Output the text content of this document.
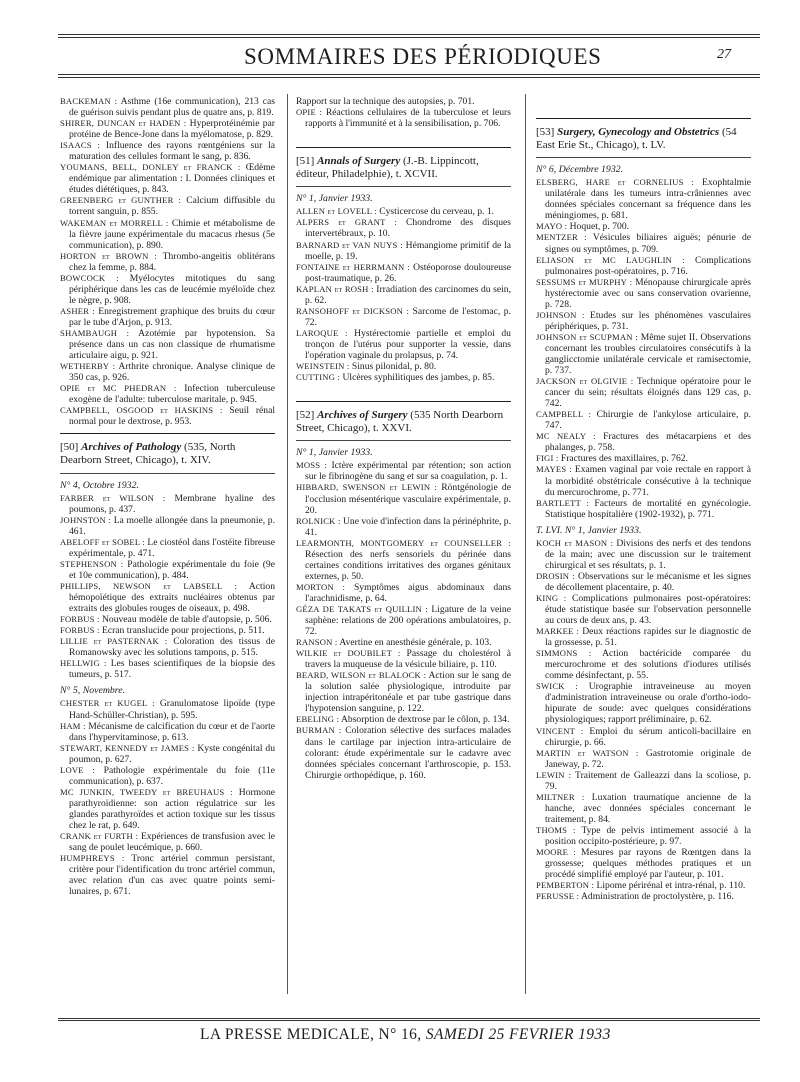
SOMMAIRES DES PÉRIODIQUES	27

BACKEMAN : Asthme (16e communication), 213 cas de guérison suivis pendant plus de quatre ans, p. 819.

SHIRER, DUNCAN et HADEN : Hyperprotéinémie par protéine de Bence-Jone dans la myélomatose, p. 829.

ISAACS : Influence des rayons rœntgéniens sur la maturation des cellules formant le sang, p. 836.

YOUMANS, BELL, DONLEY et FRANCK : Œdème endémique par alimentation : I. Données cliniques et études diététiques, p. 843.

GREENBERG et GUNTHER : Calcium diffusible du torrent sanguin, p. 855.

WAKEMAN et MORRELL : Chimie et métabolisme de la fièvre jaune expérimentale du macacus rhesus (5e communication), p. 890.

HORTON et BROWN : Thrombo-angeitis oblitérans chez la femme, p. 884.

BOWCOCK : Myélocytes mitotiques du sang périphérique dans les cas de leucémie myéloïde chez le nègre, p. 908.

ASHER : Enregistrement graphique des bruits du cœur par le tube d'Arjon, p. 913.

SHAMBAUGH : Azotémie par hypotension. Sa présence dans un cas non classique de rhumatisme articulaire aigu, p. 921.

WETHERBY : Arthrite chronique. Analyse clinique de 350 cas, p. 926.

OPIE et MC PHEDRAN : Infection tuberculeuse exogène de l'adulte: tuberculose maritale, p. 945.

CAMPBELL, OSGOOD et HASKINS : Seuil rénal normal pour le dextrose, p. 953.

[50] Archives of Pathology (535, North Dearborn Street, Chicago), t. XIV.

N° 4, Octobre 1932.

FARBER et WILSON : Membrane hyaline des poumons, p. 437.

JOHNSTON : La moelle allongée dans la pneumonie, p. 461.

ABELOFF et SOBEL : Le ciostéol dans l'ostéite fibreuse expérimentale, p. 471.

STEPHENSON : Pathologie expérimentale du foie (9e et 10e communication), p. 484.

PHILLIPS, NEWSON et LABSELL : Action hémopoïétique des extraits nucléaires obtenus par extraits des globules rouges de oiseaux, p. 498.

FORBUS : Nouveau modèle de table d'autopsie, p. 506.

FORBUS : Ecran translucide pour projections, p. 511.

LILLIE et PASTERNAK : Coloration des tissus de Romanowsky avec les solutions tampons, p. 515.

HELLWIG : Les bases scientifiques de la biopsie des tumeurs, p. 517.

N° 5, Novembre.

CHESTER et KUGEL : Granulomatose lipoïde (type Hand-Schüller-Christian), p. 595.

HAM : Mécanisme de calcification du cœur et de l'aorte dans l'hypervitaminose, p. 613.

STEWART, KENNEDY et JAMES : Kyste congénital du poumon, p. 627.

LOVE : Pathologie expérimentale du foie (11e communication), p. 637.

MC JUNKIN, TWEEDY et BREUHAUS : Hormone parathyroïdienne: son action régulatrice sur les glandes parathyroïdes et action toxique sur les tissus chez le rat, p. 649.

CRANK et FURTH : Expériences de transfusion avec le sang de poulet leucémique, p. 660.

HUMPHREYS : Tronc artériel commun persistant, critère pour l'identification du tronc artériel commun, avec relation d'un cas avec quatre points semi-lunaires, p. 671.

Rapport sur la technique des autopsies, p. 701.

OPIE : Réactions cellulaires de la tuberculose et leurs rapports à l'immunité et à la sensibilisation, p. 706.

[51] Annals of Surgery (J.-B. Lippincott, éditeur, Philadelphie), t. XCVII.

N° 1, Janvier 1933.

ALLEN et LOVELL : Cysticercose du cerveau, p. 1.

ALPERS et GRANT : Chondrome des disques intervertébraux, p. 10.

BARNARD et VAN NUYS : Hémangiome primitif de la moelle, p. 19.

FONTAINE et HERRMANN : Ostéoporose douloureuse post-traumatique, p. 26.

KAPLAN et ROSH : Irradiation des carcinomes du sein, p. 62.

RANSOHOFF et DICKSON : Sarcome de l'estomac, p. 72.

LAROQUE : Hystérectomie partielle et emploi du tronçon de l'utérus pour supporter la vessie, dans l'opération vaginale du prolapsus, p. 74.

WEINSTEIN : Sinus pilonidal, p. 80.

CUTTING : Ulcères syphilitiques des jambes, p. 85.

[52] Archives of Surgery (535 North Dearborn Street, Chicago), t. XXVI.

N° 1, Janvier 1933.

MOSS : Ictère expérimental par rétention; son action sur le fibrinogène du sang et sur sa coagulation, p. 1.

HIBBARD, SWENSON et LEWIN : Röntgénologie de l'occlusion mésentérique vasculaire expérimentale, p. 20.

ROLNICK : Une voie d'infection dans la périnéphrite, p. 41.

LEARMONTH, MONTGOMERY et COUNSELLER : Résection des nerfs sensoriels du périnée dans certaines conditions irritatives des organes génitaux externes, p. 50.

MORTON : Symptômes aigus abdominaux dans l'arachnidisme, p. 64.

GÉZA DE TAKATS et QUILLIN : Ligature de la veine saphène: relations de 200 opérations ambulatoires, p. 72.

RANSON : Avertine en anesthésie générale, p. 103.

WILKIE et DOUBILET : Passage du cholestérol à travers la muqueuse de la vésicule biliaire, p. 110.

BEARD, WILSON et BLALOCK : Action sur le sang de la solution salée physiologique, introduite par injection intrapéritonéale et par tube gastrique dans l'hypotension sanguine, p. 122.

EBELING : Absorption de dextrose par le côlon, p. 134.

BURMAN : Coloration sélective des surfaces malades dans le cartilage par injection intra-articulaire de colorant: étude expérimentale sur le cadavre avec données spéciales concernant l'arthroscopie, p. 153. Chirurgie orthopédique, p. 160.

[53] Surgery, Gynecology and Obstetrics (54 East Erie St., Chicago), t. LV.

N° 6, Décembre 1932.

ELSBERG, HARE et CORNELIUS : Exophtalmie unilatérale dans les tumeurs intra-crâniennes avec données spéciales concernant sa fréquence dans les méningiomes, p. 681.

MAYO : Hoquet, p. 700.

MENTZER : Vésicules biliaires aiguës; pénurie de signes ou symptômes, p. 709.

ELIASON et MC LAUGHLIN : Complications pulmonaires post-opératoires, p. 716.

SESSUMS et MURPHY : Ménopause chirurgicale après hystérectomie avec ou sans conservation ovarienne, p. 728.

JOHNSON : Etudes sur les phénomènes vasculaires périphériques, p. 731.

JOHNSON et SCUPMAN : Même sujet II. Observations concernant les troubles circulatoires consécutifs à la ganglicctomie unilatérale cervicale et ramisectomie, p. 737.

JACKSON et OLGIVIE : Technique opératoire pour le cancer du sein; résultats éloignés dans 129 cas, p. 742.

CAMPBELL : Chirurgie de l'ankylose articulaire, p. 747.

MC NEALY : Fractures des métacarpiens et des phalanges, p. 758.

FIGI : Fractures des maxillaires, p. 762.

MAYES : Examen vaginal par voie rectale en rapport à la morbidité obstétricale consécutive à la technique du mercurochrome, p. 771.

BARTLETT : Facteurs de mortalité en gynécologie. Statistique hospitalière (1902-1932), p. 771.

T. LVI. N° 1, Janvier 1933.

KOCH et MASON : Divisions des nerfs et des tendons de la main; avec une discussion sur le traitement chirurgical et ses résultats, p. 1.

DROSIN : Observations sur le mécanisme et les signes de décollement placentaire, p. 40.

KING : Complications pulmonaires post-opératoires: étude statistique basée sur l'observation personnelle au cours de deux ans, p. 43.

MARKEE : Deux réactions rapides sur le diagnostic de la grossesse, p. 51.

SIMMONS : Action bactéricide comparée du mercurochrome et des solutions d'iodures utilisés comme désinfectant, p. 55.

SWICK : Urographie intraveineuse au moyen d'administration intraveineuse ou orale d'ortho-iodo-hipurate de soude: avec quelques considérations physiologiques; rapport préliminaire, p. 62.

VINCENT : Emploi du sérum anticoli-bacillaire en chirurgie, p. 66.

MARTIN et WATSON : Gastrotomie originale de Janeway, p. 72.

LEWIN : Traitement de Galleazzi dans la scoliose, p. 79.

MILTNER : Luxation traumatique ancienne de la hanche, avec données spéciales concernant le traitement, p. 84.

THOMS : Type de pelvis intimement associé à la position occipito-postérieure, p. 97.

MOORE : Mesures par rayons de Rœntgen dans la grossesse; quelques méthodes pratiques et un procédé simplifié employé par l'auteur, p. 101.

PEMBERTON : Lipome périrénal et intra-rénal, p. 110.

PERUSSE : Administration de proctolystère, p. 116.

LA PRESSE MEDICALE, N° 16, SAMEDI 25 FEVRIER 1933
